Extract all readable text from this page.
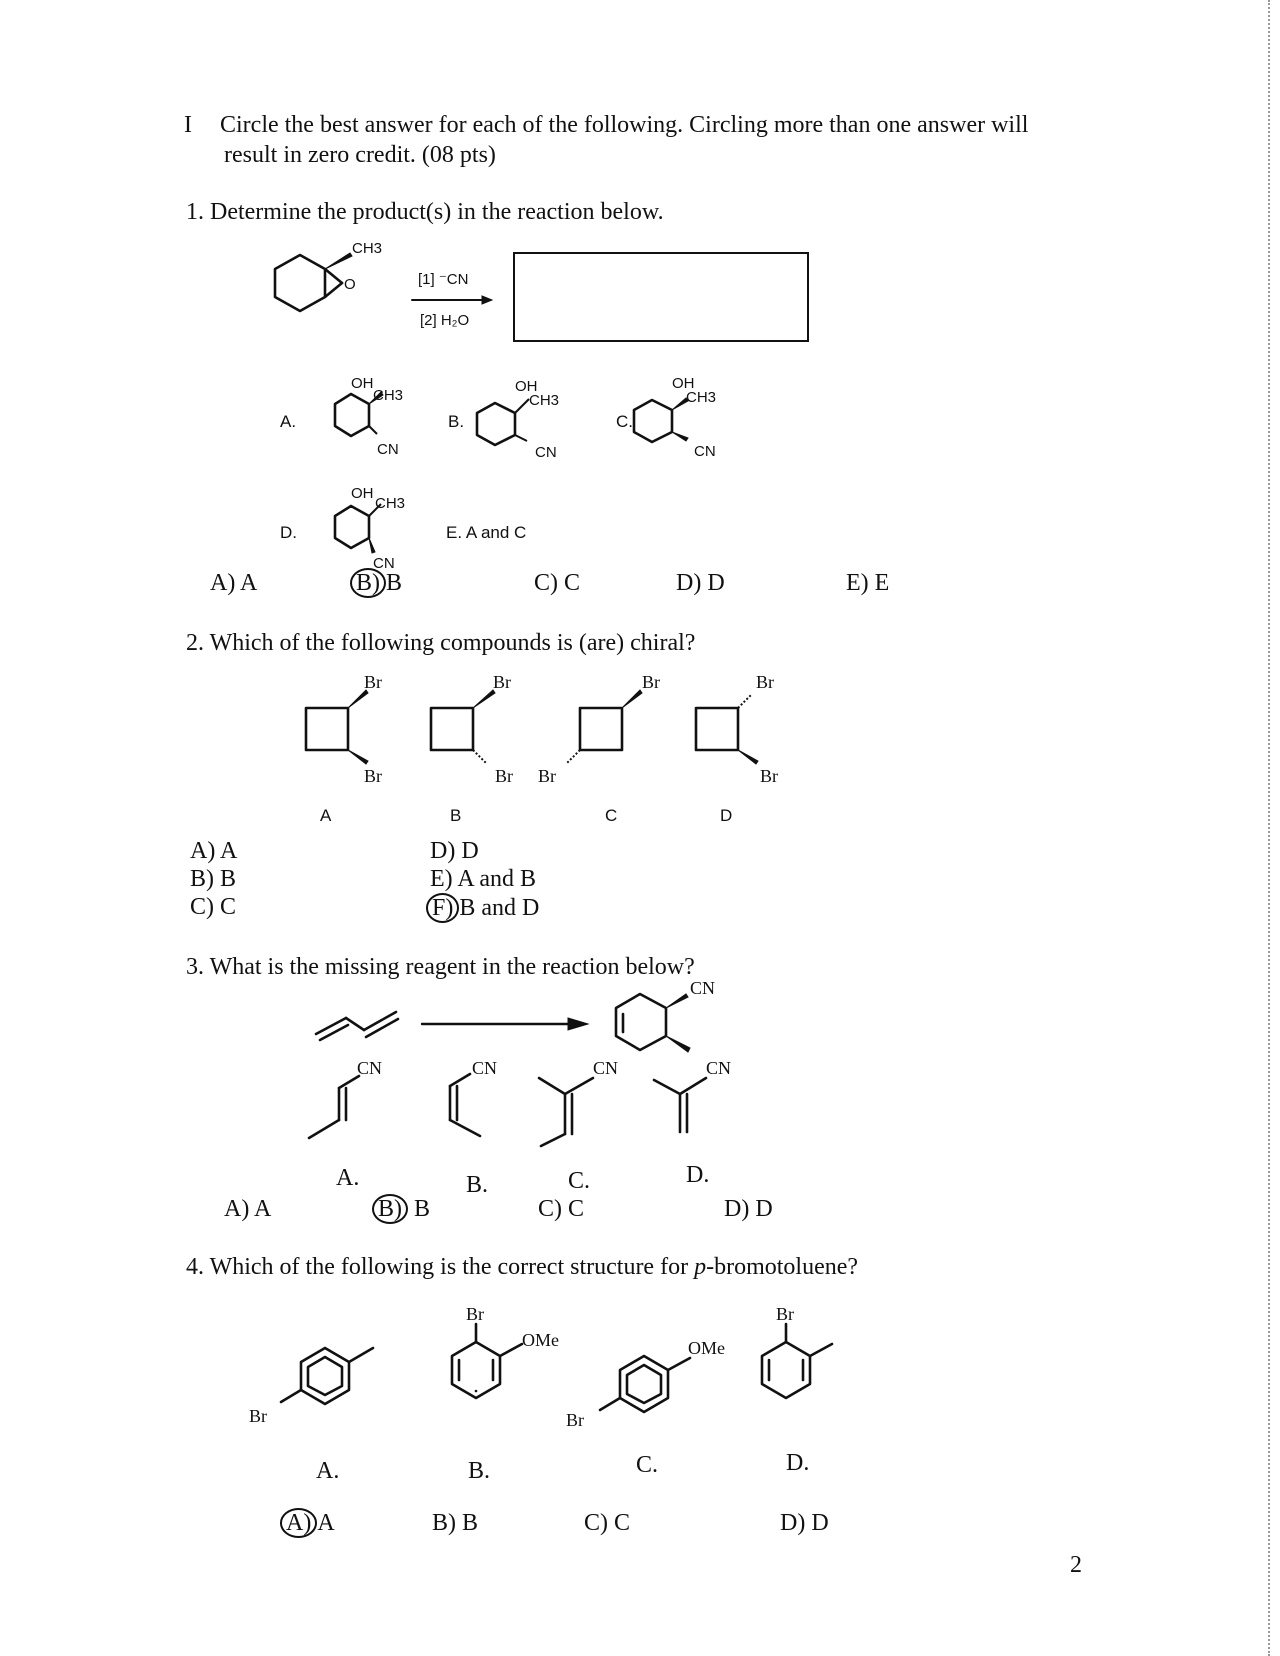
I Circle the best answer for each of the following. Circling more than one answer will
result in zero credit. (08 pts)
1. Determine the product(s) in the reaction below.
O
CH3
[1] ⁻CN
[2] H₂O
A.
OH
CH3
CN
B.
OH
CH3
CN
C.
OH
CH3
CN
D.
OH
CH3
CN
E. A and C
A) A	B) B	C) C	D) D	E) E
2. Which of the following compounds is (are) chiral?
Br
Br
Br
Br
Br
Br
Br
Br
A	B	C	D
A) A
B) B
C) C
D) D
E) A and B
F) B and D
3. What is the missing reagent in the reaction below?
CN
CN	CN	CN	CN
A.	B.	C.	D.
A) A	B) B	C) C	D) D
4. Which of the following is the correct structure for p-bromotoluene?
Br
Br
OMe	OMe
Br
Br
A.	B.	C.	D.
A) A	B) B	C) C	D) D
2
